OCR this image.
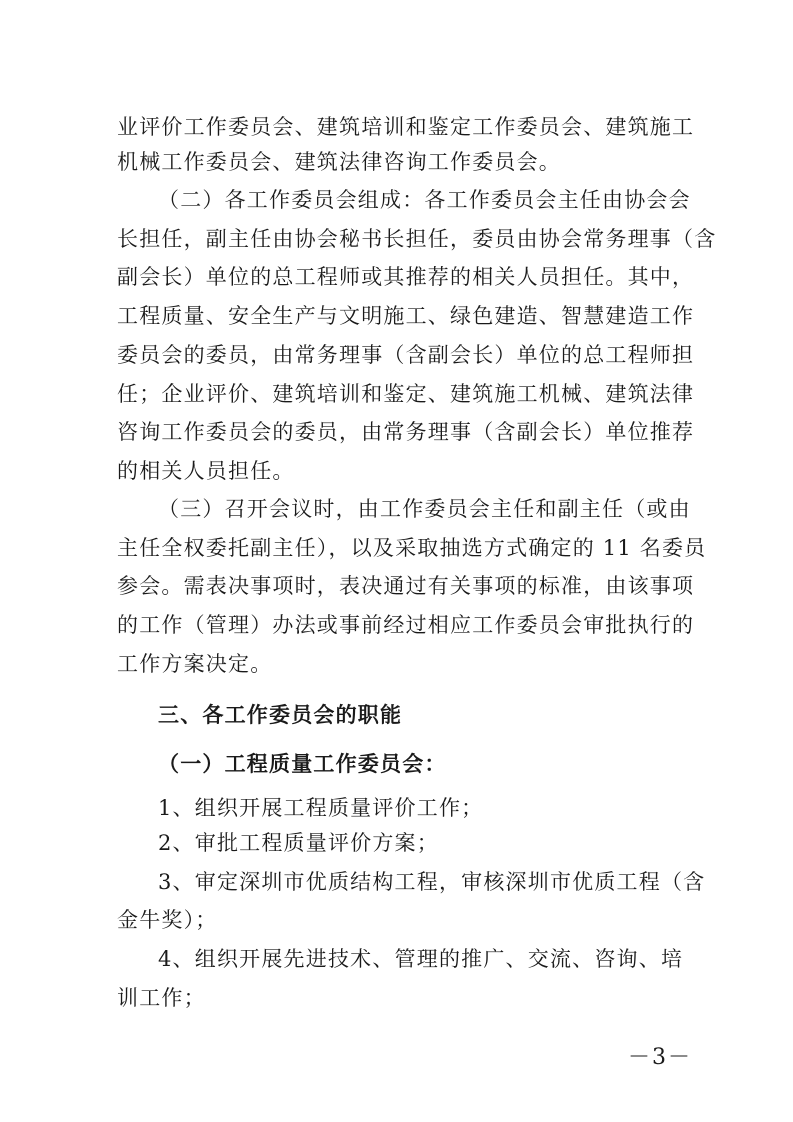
业评价工作委员会、建筑培训和鉴定工作委员会、建筑施工
机械工作委员会、建筑法律咨询工作委员会。
（二）各工作委员会组成：各工作委员会主任由协会会
长担任，副主任由协会秘书长担任，委员由协会常务理事（含
副会长）单位的总工程师或其推荐的相关人员担任。其中，
工程质量、安全生产与文明施工、绿色建造、智慧建造工作
委员会的委员，由常务理事（含副会长）单位的总工程师担
任；企业评价、建筑培训和鉴定、建筑施工机械、建筑法律
咨询工作委员会的委员，由常务理事（含副会长）单位推荐
的相关人员担任。
（三）召开会议时，由工作委员会主任和副主任（或由
主任全权委托副主任），以及采取抽选方式确定的 11 名委员
参会。需表决事项时，表决通过有关事项的标准，由该事项
的工作（管理）办法或事前经过相应工作委员会审批执行的
工作方案决定。
三、各工作委员会的职能
（一）工程质量工作委员会：
1、组织开展工程质量评价工作；
2、审批工程质量评价方案；
3、审定深圳市优质结构工程，审核深圳市优质工程（含
金牛奖）；
4、组织开展先进技术、管理的推广、交流、咨询、培
训工作；
－3－
